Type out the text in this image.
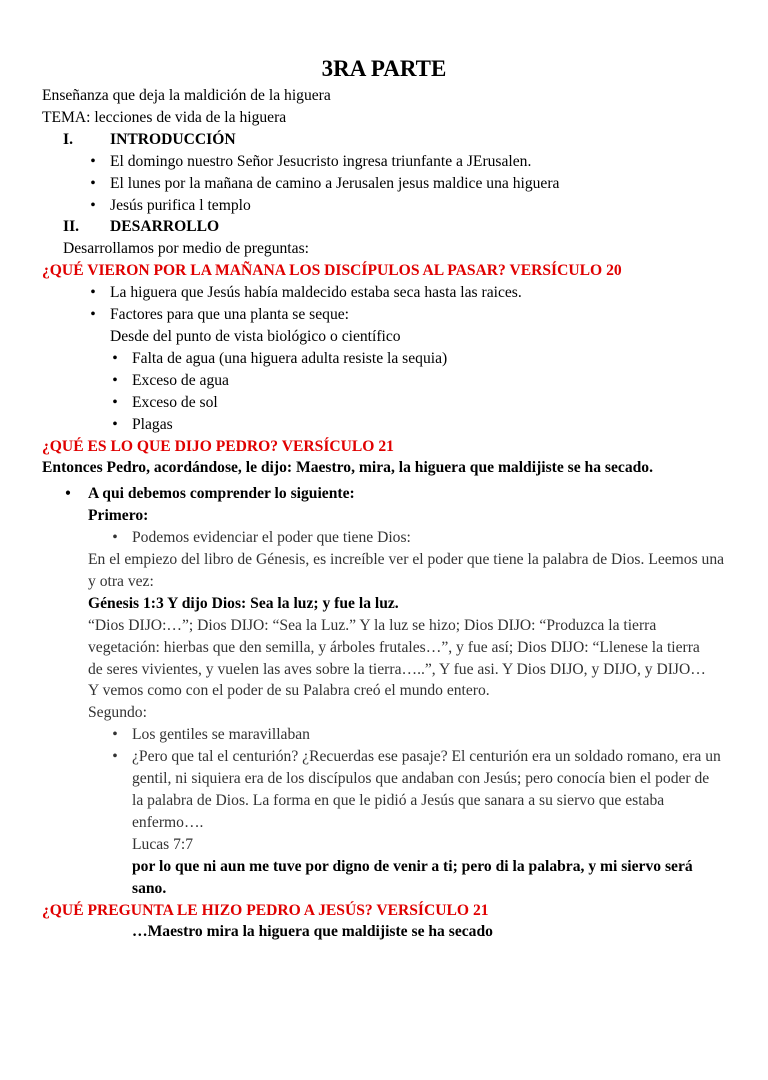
3RA PARTE
Enseñanza que deja la maldición de la higuera
TEMA: lecciones de vida de la higuera
I. INTRODUCCIÓN
• El domingo nuestro Señor Jesucristo ingresa triunfante a JErusalen.
• El lunes por la mañana de camino a Jerusalen jesus maldice una higuera
• Jesús purifica l templo
II. DESARROLLO
Desarrollamos por medio de preguntas:
¿QUÉ VIERON POR LA MAÑANA LOS DISCÍPULOS AL PASAR? VERSÍCULO 20
• La higuera que Jesús había maldecido estaba seca hasta las raices.
• Factores para que una planta se seque:
Desde del punto de vista biológico o científico
• Falta de agua (una higuera adulta resiste la sequia)
• Exceso de agua
• Exceso de sol
• Plagas
¿QUÉ ES LO QUE DIJO PEDRO? VERSÍCULO 21
Entonces Pedro, acordándose, le dijo: Maestro, mira, la higuera que maldijiste se ha secado.
• A qui debemos comprender lo siguiente:
Primero:
• Podemos evidenciar el poder que tiene Dios:
En el empiezo del libro de Génesis, es increíble ver el poder que tiene la palabra de Dios. Leemos una y otra vez:
Génesis 1:3 Y dijo Dios: Sea la luz; y fue la luz.
“Dios DIJO:…”; Dios DIJO: “Sea la Luz.” Y la luz se hizo; Dios DIJO: “Produzca la tierra vegetación: hierbas que den semilla, y árboles frutales…”, y fue así; Dios DIJO: “Llenese la tierra de seres vivientes, y vuelen las aves sobre la tierra…..”, Y fue asi. Y Dios DIJO, y DIJO, y DIJO… Y vemos como con el poder de su Palabra creó el mundo entero.
Segundo:
• Los gentiles se maravillaban
• ¿Pero que tal el centurión? ¿Recuerdas ese pasaje? El centurión era un soldado romano, era un gentil, ni siquiera era de los discípulos que andaban con Jesús; pero conocía bien el poder de la palabra de Dios. La forma en que le pidió a Jesús que sanara a su siervo que estaba enfermo….
Lucas 7:7
por lo que ni aun me tuve por digno de venir a ti; pero di la palabra, y mi siervo será sano.
¿QUÉ PREGUNTA LE HIZO PEDRO A JESÚS? VERSÍCULO 21
…Maestro mira la higuera que maldijiste se ha secado
